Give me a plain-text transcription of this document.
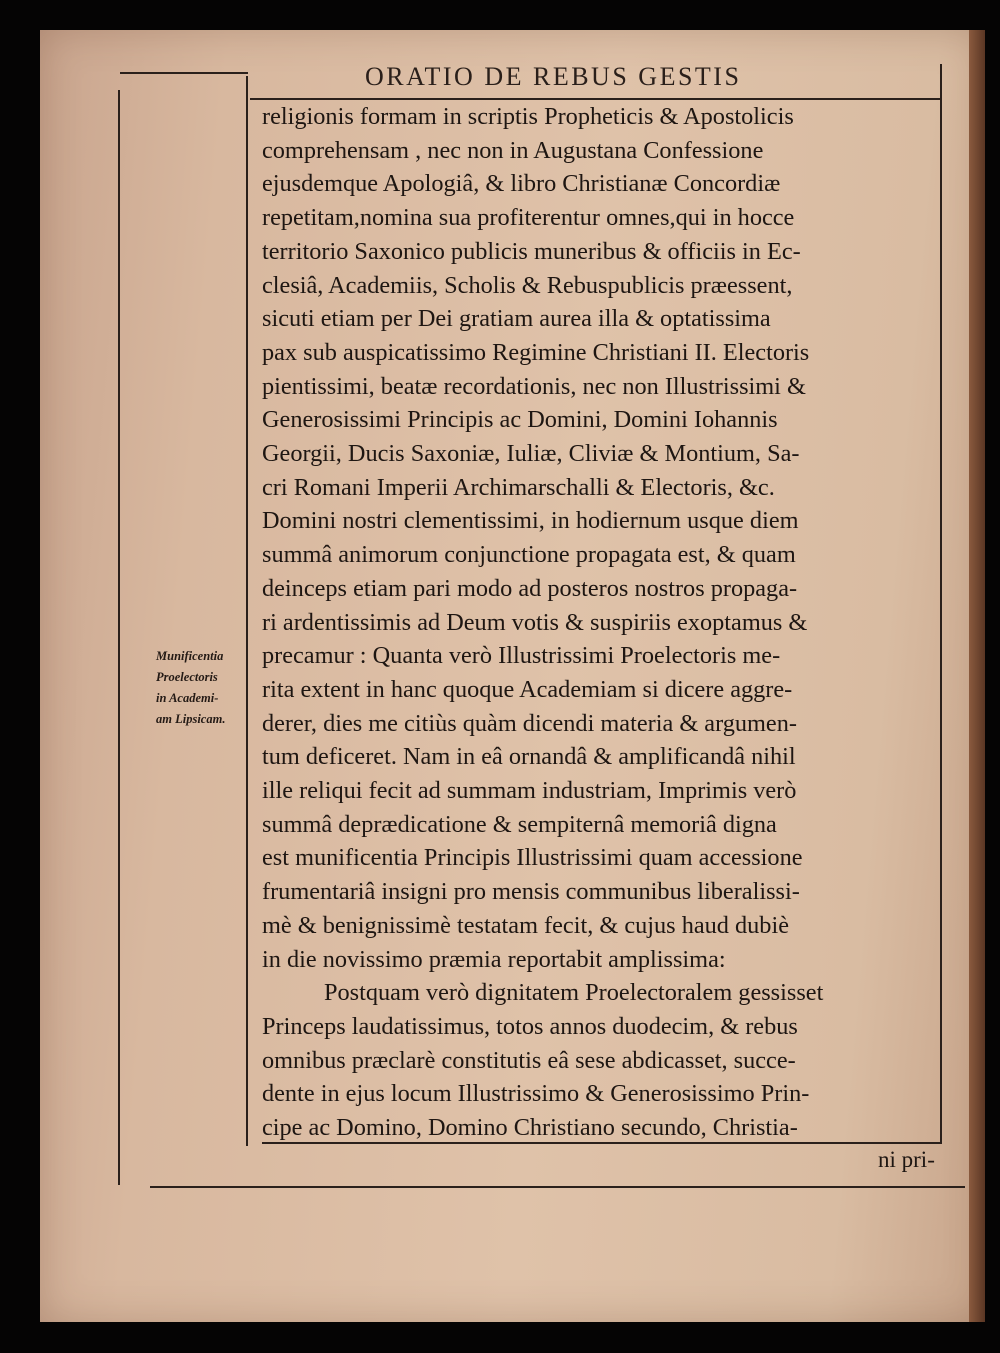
ORATIO DE REBUS GESTIS
Munificentia
Proelectoris
in Academi-
am Lipsicam.
religionis formam in scriptis Propheticis & Apostolicis
comprehensam , nec non in Augustana Confessione
ejusdemque Apologiâ, & libro Christianæ Concordiæ
repetitam,nomina sua profiterentur omnes,qui in hocce
territorio Saxonico publicis muneribus & officiis in Ec-
clesiâ, Academiis, Scholis & Rebuspublicis præessent,
sicuti etiam per Dei gratiam aurea illa & optatissima
pax sub auspicatissimo Regimine Christiani II. Electoris
pientissimi, beatæ recordationis, nec non Illustrissimi &
Generosissimi Principis ac Domini, Domini Iohannis
Georgii, Ducis Saxoniæ, Iuliæ, Cliviæ & Montium, Sa-
cri Romani Imperii Archimarschalli & Electoris, &c.
Domini nostri clementissimi, in hodiernum usque diem
summâ animorum conjunctione propagata est, & quam
deinceps etiam pari modo ad posteros nostros propaga-
ri ardentissimis ad Deum votis & suspiriis exoptamus &
precamur : Quanta verò Illustrissimi Proelectoris me-
rita extent in hanc quoque Academiam si dicere aggre-
derer, dies me citiùs quàm dicendi materia & argumen-
tum deficeret. Nam in eâ ornandâ & amplificandâ nihil
ille reliqui fecit ad summam industriam, Imprimis verò
summâ deprædicatione & sempiternâ memoriâ digna
est munificentia Principis Illustrissimi quam accessione
frumentariâ insigni pro mensis communibus liberalissi-
mè & benignissimè testatam fecit, & cujus haud dubiè
in die novissimo præmia reportabit amplissima:
Postquam verò dignitatem Proelectoralem gessisset
Princeps laudatissimus, totos annos duodecim, & rebus
omnibus præclarè constitutis eâ sese abdicasset, succe-
dente in ejus locum Illustrissimo & Generosissimo Prin-
cipe ac Domino, Domino Christiano secundo, Christia-
ni pri-
